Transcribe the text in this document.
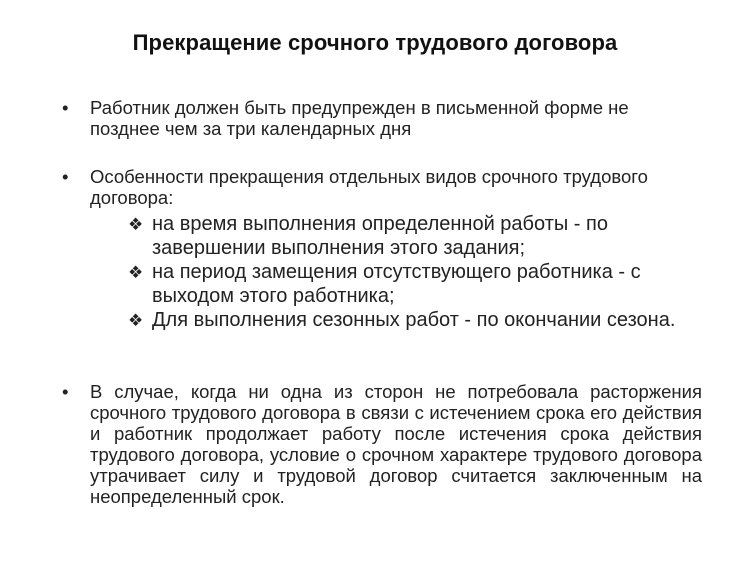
Прекращение срочного трудового договора
•	Работник должен быть предупрежден в письменной форме не позднее чем за три календарных дня
•	Особенности прекращения отдельных видов срочного трудового договора:
❖ на время выполнения определенной работы - по завершении выполнения этого задания;
❖ на период замещения отсутствующего работника - с выходом этого работника;
❖ Для выполнения сезонных работ - по окончании сезона.
•	В случае, когда ни одна из сторон не потребовала расторжения срочного трудового договора в связи с истечением срока его действия и работник продолжает работу после истечения срока действия трудового договора, условие о срочном характере трудового договора утрачивает силу и трудовой договор считается заключенным на неопределенный срок.
